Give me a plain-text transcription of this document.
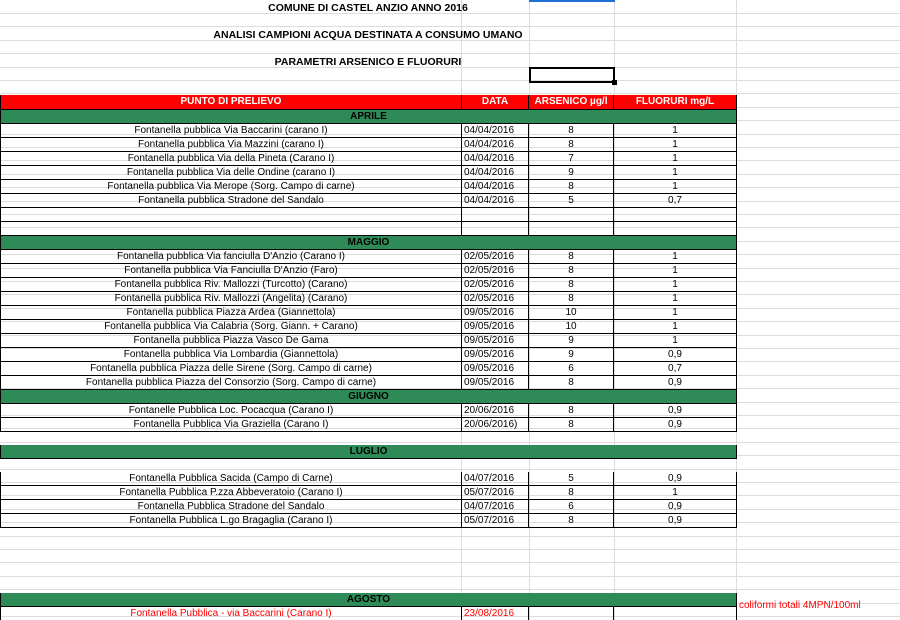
COMUNE DI CASTEL ANZIO ANNO 2016
ANALISI CAMPIONI ACQUA DESTINATA A CONSUMO UMANO
PARAMETRI ARSENICO E FLUORURI
PUNTO DI PRELIEVO	DATA	ARSENICO µg/l	FLUORURI mg/L
APRILE			
Fontanella pubblica Via Baccarini (carano I)	04/04/2016	8	1
Fontanella pubblica Via Mazzini (carano I)	04/04/2016	8	1
Fontanella pubblica Via della Pineta (Carano I)	04/04/2016	7	1
Fontanella pubblica Via delle Ondine (carano I)	04/04/2016	9	1
Fontanella pubblica Via Merope (Sorg. Campo di carne)	04/04/2016	8	1
Fontanella pubblica Stradone del Sandalo	04/04/2016	5	0,7

MAGGIO			
Fontanella pubblica Via fanciulla D'Anzio (Carano I)	02/05/2016	8	1
Fontanella pubblica Via Fanciulla D'Anzio (Faro)	02/05/2016	8	1
Fontanella pubblica Riv. Mallozzi (Turcotto) (Carano)	02/05/2016	8	1
Fontanella pubblica Riv. Mallozzi (Angelita) (Carano)	02/05/2016	8	1
Fontanella pubblica Piazza Ardea (Giannettola)	09/05/2016	10	1
Fontanella pubblica Via Calabria (Sorg. Giann. + Carano)	09/05/2016	10	1
Fontanella pubblica Piazza Vasco De Gama	09/05/2016	9	1
Fontanella pubblica Via Lombardia (Giannettola)	09/05/2016	9	0,9
Fontanella pubblica Piazza delle Sirene (Sorg. Campo di carne)	09/05/2016	6	0,7
Fontanella pubblica Piazza del Consorzio (Sorg. Campo di carne)	09/05/2016	8	0,9
GIUGNO			
Fontanelle Pubblica Loc. Pocacqua (Carano I)	20/06/2016	8	0,9
Fontanella Pubblica Via Graziella (Carano I)	20/06/2016)	8	0,9

LUGLIO			

Fontanella Pubblica Sacida (Campo di Carne)	04/07/2016	5	0,9
Fontanella Pubblica P.zza Abbeveratoio (Carano I)	05/07/2016	8	1
Fontanella Pubblica Stradone del Sandalo	04/07/2016	6	0,9
Fontanella Pubblica L.go Bragaglia (Carano I)	05/07/2016	8	0,9

AGOSTO			
Fontanella Pubblica - via Baccarini (Carano I)	23/08/2016		
coliformi totali 4MPN/100ml
